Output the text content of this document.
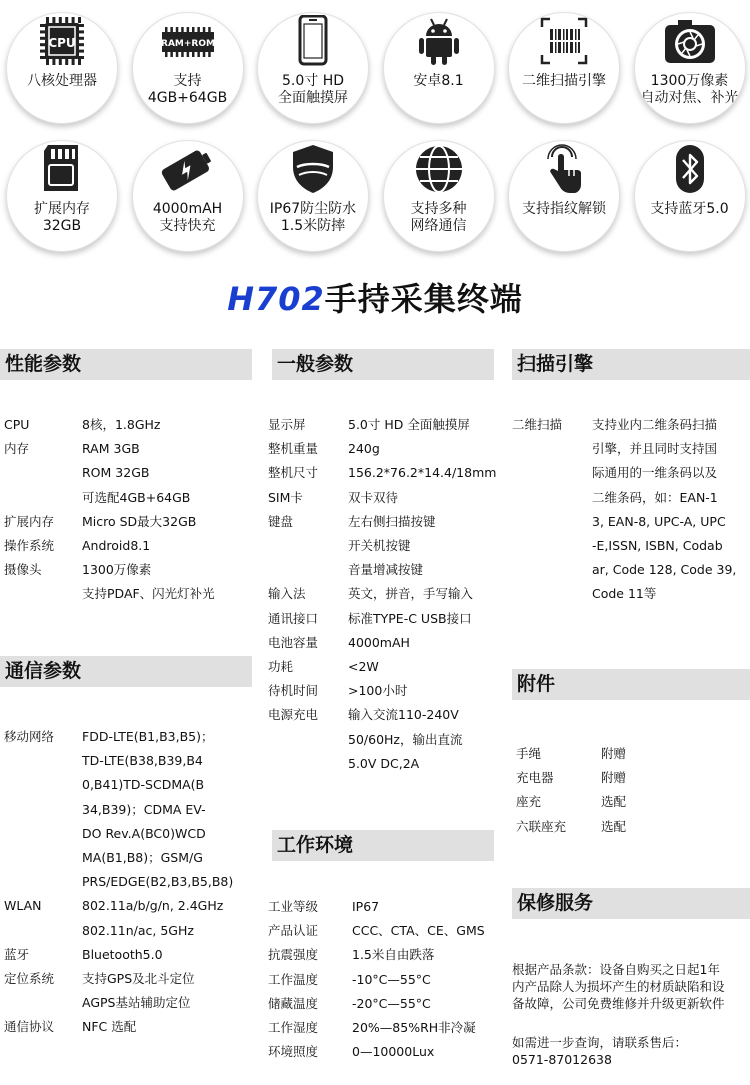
CPU
八核处理器
RAM+ROM
支持
4GB+64GB
5.0寸 HD
全面触摸屏
安卓8.1	二维扫描引擎	1300万像素
自动对焦、补光
扩展内存
32GB
4000mAH
支持快充
IP67防尘防水
1.5米防摔
支持多种
网络通信
支持指纹解锁	支持蓝牙5.0
H702手持采集终端
性能参数
CPU	8核，1.8GHz
内存	RAM 3GB
ROM 32GB
可选配4GB+64GB
扩展内存	Micro SD最大32GB
操作系统	Android8.1
摄像头	1300万像素
支持PDAF、闪光灯补光
通信参数
移动网络	FDD-LTE(B1,B3,B5)；
TD-LTE(B38,B39,B4
0,B41)TD-SCDMA(B
34,B39)；CDMA EV-
DO Rev.A(BC0)WCD
MA(B1,B8)；GSM/G
PRS/EDGE(B2,B3,B5,B8)
WLAN	802.11a/b/g/n, 2.4GHz
802.11n/ac, 5GHz
蓝牙	Bluetooth5.0
定位系统	支持GPS及北斗定位
AGPS基站辅助定位
通信协议	NFC 选配
一般参数
显示屏	5.0寸 HD 全面触摸屏
整机重量	240g
整机尺寸	156.2*76.2*14.4/18mm
SIM卡	双卡双待
键盘	左右侧扫描按键
开关机按键
音量增减按键
输入法	英文，拼音，手写输入
通讯接口	标准TYPE-C USB接口
电池容量	4000mAH
功耗	<2W
待机时间	>100小时
电源充电	输入交流110-240V
50/60Hz，输出直流
5.0V DC,2A
工作环境
工业等级	IP67
产品认证	CCC、CTA、CE、GMS
抗震强度	1.5米自由跌落
工作温度	-10°C—55°C
储藏温度	-20°C—55°C
工作湿度	20%—85%RH非冷凝
环境照度	0—10000Lux
扫描引擎
二维扫描	支持业内二维条码扫描
引擎，并且同时支持国
际通用的一维条码以及
二维条码，如：EAN-1
3, EAN-8, UPC-A, UPC
-E,ISSN, ISBN, Codab
ar, Code 128, Code 39,
Code 11等
附件
手绳	附赠
充电器	附赠
座充	选配
六联座充	选配
保修服务
根据产品条款：设备自购买之日起1年
内产品除人为损坏产生的材质缺陷和设
备故障，公司免费维修并升级更新软件
如需进一步查询，请联系售后：
0571-87012638
